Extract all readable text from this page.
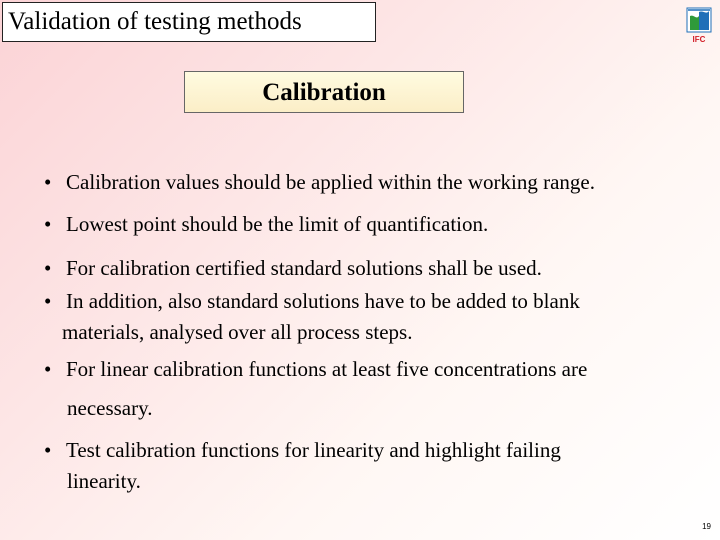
Validation of testing methods
IFC
Calibration
• Calibration values should be applied within the working range.
• Lowest point should be the limit of quantification.
• For calibration certified standard solutions shall be used.
• In addition, also standard solutions have to be added to blank
materials, analysed over all process steps.
• For linear calibration functions at least five concentrations are
necessary.
• Test calibration functions for linearity and highlight failing
linearity.
19
